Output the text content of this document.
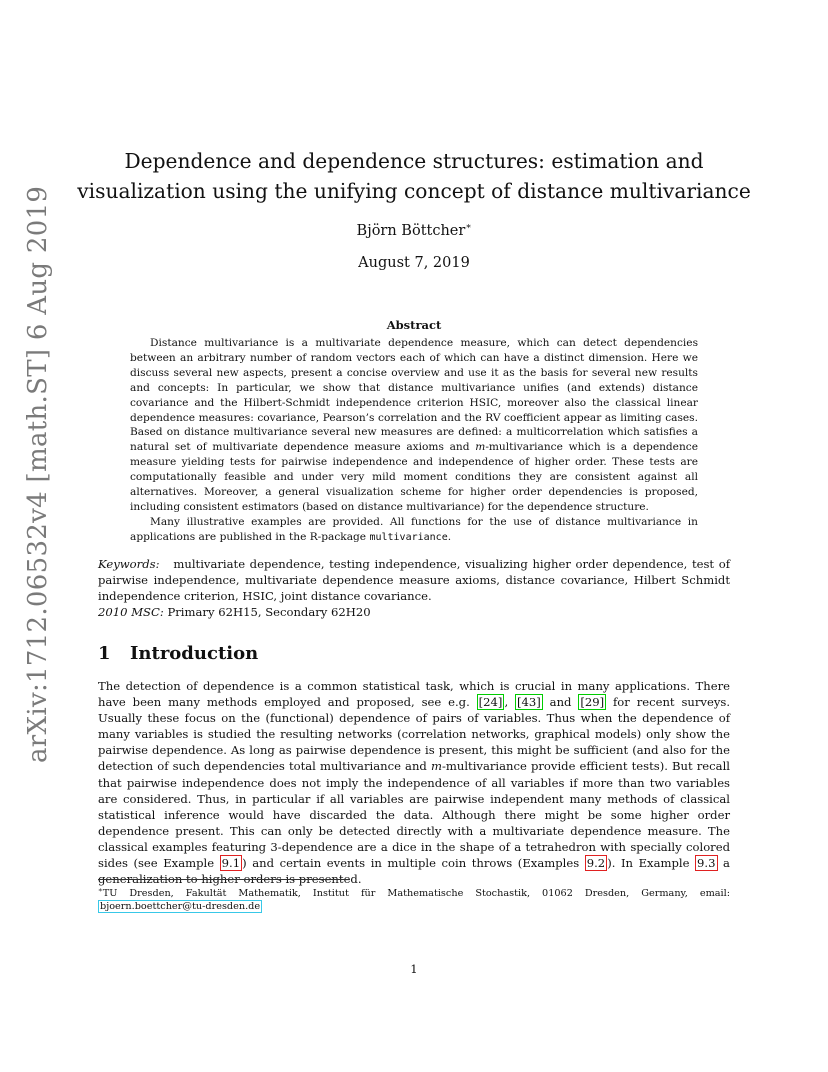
arXiv:1712.06532v4 [math.ST] 6 Aug 2019
Dependence and dependence structures: estimation and visualization using the unifying concept of distance multivariance
Björn Böttcher∗
August 7, 2019
Abstract

Distance multivariance is a multivariate dependence measure, which can detect dependencies between an arbitrary number of random vectors each of which can have a distinct dimension. Here we discuss several new aspects, present a concise overview and use it as the basis for several new results and concepts: In particular, we show that distance multivariance unifies (and extends) distance covariance and the Hilbert-Schmidt independence criterion HSIC, moreover also the classical linear dependence measures: covariance, Pearson’s correlation and the RV coefficient appear as limiting cases. Based on distance multivariance several new measures are defined: a multicorrelation which satisfies a natural set of multivariate dependence measure axioms and m-multivariance which is a dependence measure yielding tests for pairwise independence and independence of higher order. These tests are computationally feasible and under very mild moment conditions they are consistent against all alternatives. Moreover, a general visualization scheme for higher order dependencies is proposed, including consistent estimators (based on distance multivariance) for the dependence structure.

Many illustrative examples are provided. All functions for the use of distance multivariance in applications are published in the R-package multivariance.

Keywords: multivariate dependence, testing independence, visualizing higher order dependence, test of pairwise independence, multivariate dependence measure axioms, distance covariance, Hilbert Schmidt independence criterion, HSIC, joint distance covariance.

2010 MSC: Primary 62H15, Secondary 62H20
1 Introduction

The detection of dependence is a common statistical task, which is crucial in many applications. There have been many methods employed and proposed, see e.g. [24] , [43] and [29] for recent surveys. Usually these focus on the (functional) dependence of pairs of variables. Thus when the dependence of many variables is studied the resulting networks (correlation networks, graphical models) only show the pairwise dependence. As long as pairwise dependence is present, this might be sufficient (and also for the detection of such dependencies total multivariance and m-multivariance provide efficient tests). But recall that pairwise independence does not imply the independence of all variables if more than two variables are considered. Thus, in particular if all variables are pairwise independent many methods of classical statistical inference would have discarded the data. Although there might be some higher order dependence present. This can only be detected directly with a multivariate dependence measure. The classical examples featuring 3-dependence are a dice in the shape of a tetrahedron with specially colored sides (see Example 9.1 ) and certain events in multiple coin throws (Examples 9.2 ). In Example 9.3 a generalization to higher orders is presented.

∗TU Dresden, Fakultät Mathematik, Institut für Mathematische Stochastik, 01062 Dresden, Germany, email: bjoern.boettcher@tu-dresden.de

1
